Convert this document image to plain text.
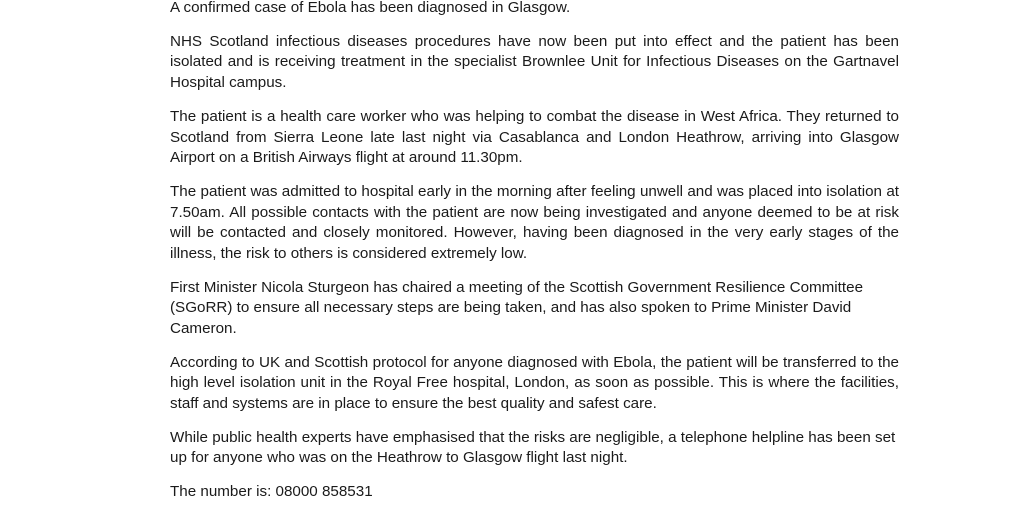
A confirmed case of Ebola has been diagnosed in Glasgow.

NHS Scotland infectious diseases procedures have now been put into effect and the patient has been isolated and is receiving treatment in the specialist Brownlee Unit for Infectious Diseases on the Gartnavel Hospital campus.

The patient is a health care worker who was helping to combat the disease in West Africa. They returned to Scotland from Sierra Leone late last night via Casablanca and London Heathrow, arriving into Glasgow Airport on a British Airways flight at around 11.30pm.

The patient was admitted to hospital early in the morning after feeling unwell and was placed into isolation at 7.50am. All possible contacts with the patient are now being investigated and anyone deemed to be at risk will be contacted and closely monitored. However, having been diagnosed in the very early stages of the illness, the risk to others is considered extremely low.

First Minister Nicola Sturgeon has chaired a meeting of the Scottish Government Resilience Committee (SGoRR) to ensure all necessary steps are being taken, and has also spoken to Prime Minister David Cameron.

According to UK and Scottish protocol for anyone diagnosed with Ebola, the patient will be transferred to the high level isolation unit in the Royal Free hospital, London, as soon as possible. This is where the facilities, staff and systems are in place to ensure the best quality and safest care.

While public health experts have emphasised that the risks are negligible, a telephone helpline has been set up for anyone who was on the Heathrow to Glasgow flight last night.

The number is: 08000 858531
